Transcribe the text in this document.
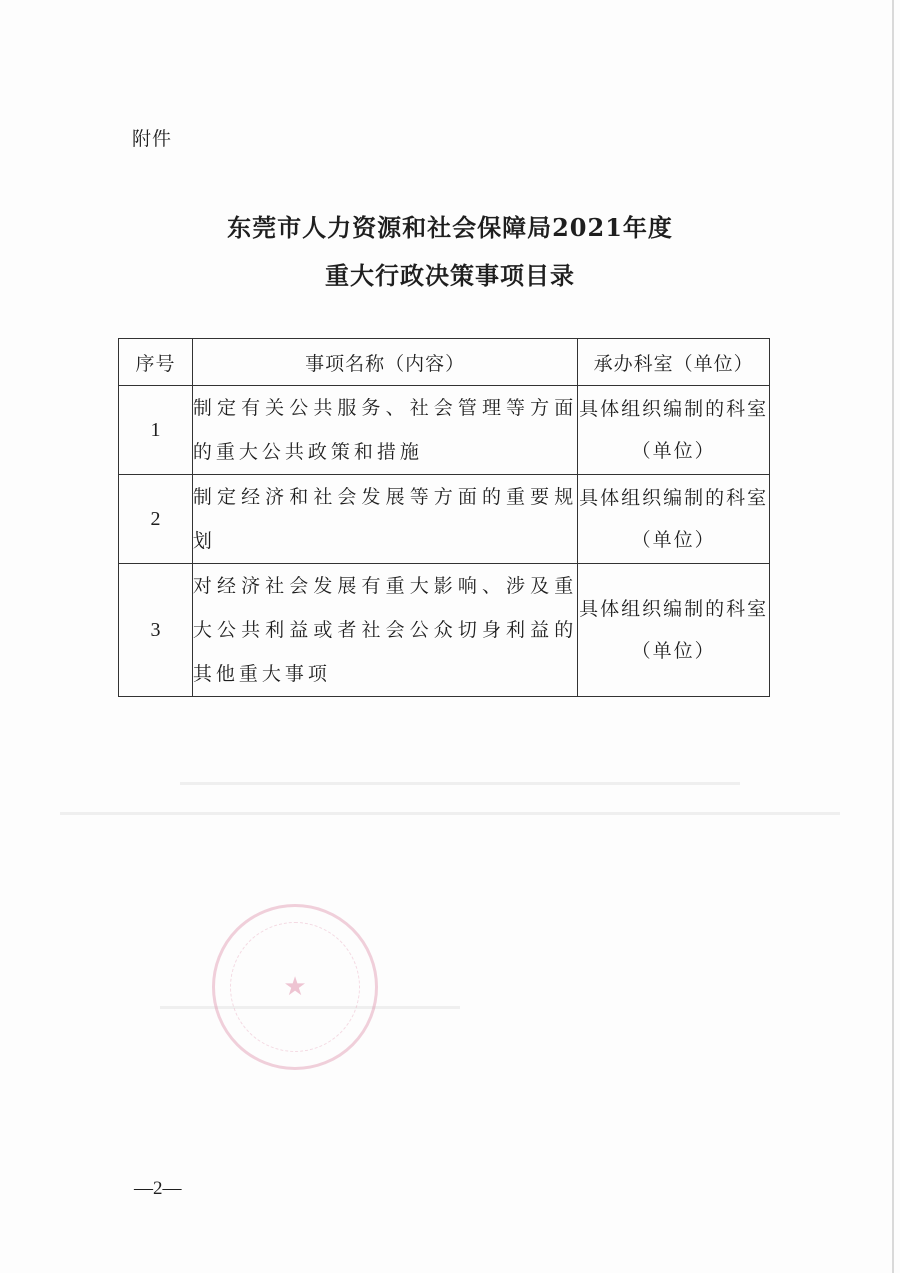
附件
东莞市人力资源和社会保障局2021年度
重大行政决策事项目录
序号	事项名称（内容）	承办科室（单位）
1	制定有关公共服务、社会管理等方面的重大公共政策和措施	具体组织编制的科室（单位）
2	制定经济和社会发展等方面的重要规划	具体组织编制的科室（单位）
3	对经济社会发展有重大影响、涉及重大公共利益或者社会公众切身利益的其他重大事项	具体组织编制的科室（单位）
★
—2—
